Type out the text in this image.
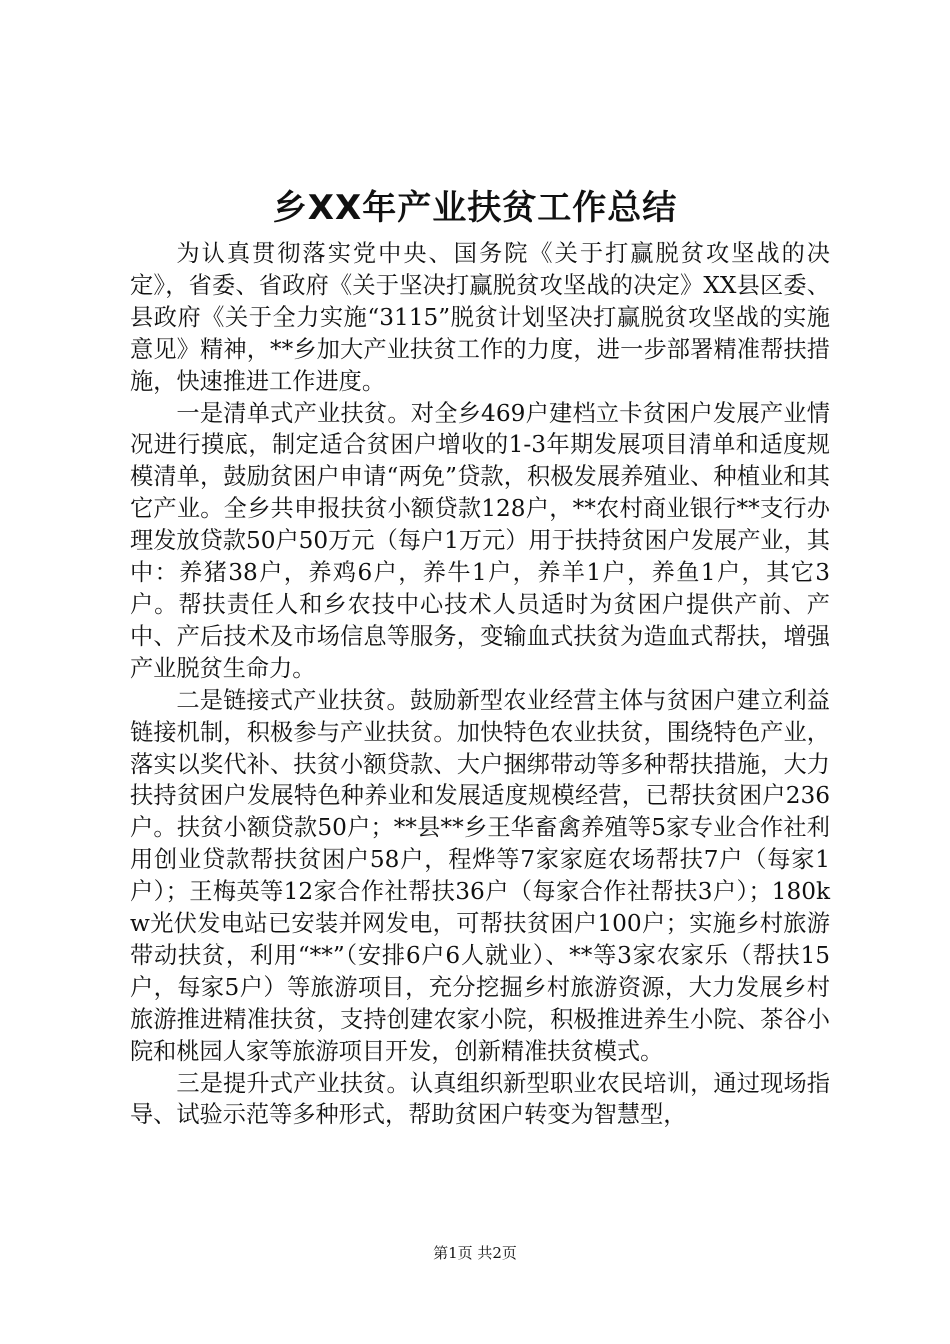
乡XX年产业扶贫工作总结

为认真贯彻落实党中央、国务院《关于打赢脱贫攻坚战的决定》，省委、省政府《关于坚决打赢脱贫攻坚战的决定》XX县区委、县政府《关于全力实施“3115”脱贫计划坚决打赢脱贫攻坚战的实施意见》精神，**乡加大产业扶贫工作的力度，进一步部署精准帮扶措施，快速推进工作进度。

一是清单式产业扶贫。对全乡469户建档立卡贫困户发展产业情况进行摸底，制定适合贫困户增收的1-3年期发展项目清单和适度规模清单，鼓励贫困户申请“两免”贷款，积极发展养殖业、种植业和其它产业。全乡共申报扶贫小额贷款128户，**农村商业银行**支行办理发放贷款50户50万元（每户1万元）用于扶持贫困户发展产业，其中：养猪38户，养鸡6户，养牛1户，养羊1户，养鱼1户，其它3户。帮扶责任人和乡农技中心技术人员适时为贫困户提供产前、产中、产后技术及市场信息等服务，变输血式扶贫为造血式帮扶，增强产业脱贫生命力。

二是链接式产业扶贫。鼓励新型农业经营主体与贫困户建立利益链接机制，积极参与产业扶贫。加快特色农业扶贫，围绕特色产业，落实以奖代补、扶贫小额贷款、大户捆绑带动等多种帮扶措施，大力扶持贫困户发展特色种养业和发展适度规模经营，已帮扶贫困户236户。扶贫小额贷款50户；**县**乡王华畜禽养殖等5家专业合作社利用创业贷款帮扶贫困户58户，程烨等7家家庭农场帮扶7户（每家1户）；王梅英等12家合作社帮扶36户（每家合作社帮扶3户）；180kw光伏发电站已安装并网发电，可帮扶贫困户100户；实施乡村旅游带动扶贫，利用“**”（安排6户6人就业）、**等3家农家乐（帮扶15户，每家5户）等旅游项目，充分挖掘乡村旅游资源，大力发展乡村旅游推进精准扶贫，支持创建农家小院，积极推进养生小院、茶谷小院和桃园人家等旅游项目开发，创新精准扶贫模式。

三是提升式产业扶贫。认真组织新型职业农民培训，通过现场指导、试验示范等多种形式，帮助贫困户转变为智慧型，

第1页 共2页
